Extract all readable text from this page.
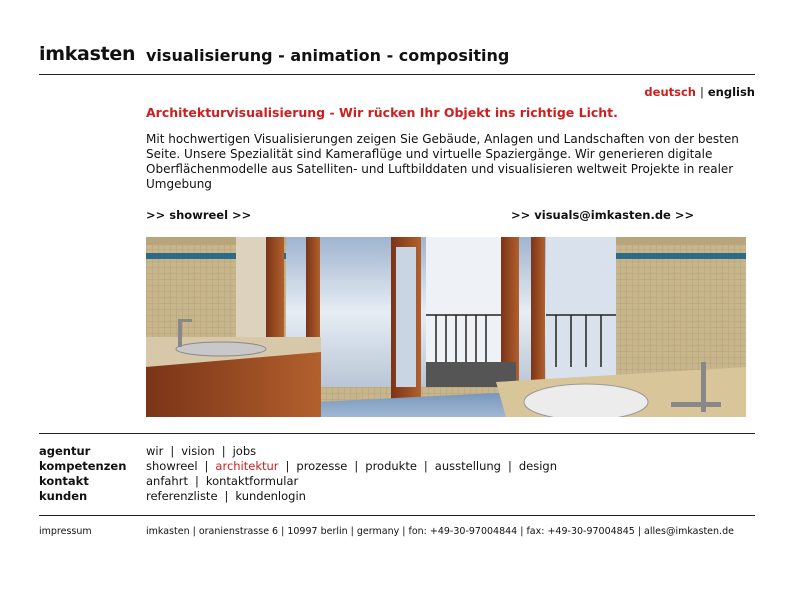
imkasten visualisierung - animation - compositing
deutsch | english
Architekturvisualisierung - Wir rücken Ihr Objekt ins richtige Licht.
Mit hochwertigen Visualisierungen zeigen Sie Gebäude, Anlagen und Landschaften von der besten Seite. Unsere Spezialität sind Kameraflüge und virtuelle Spaziergänge. Wir generieren digitale Oberflächenmodelle aus Satelliten- und Luftbilddaten und visualisieren weltweit Projekte in realer Umgebung
>> showreel >>	>> visuals@imkasten.de >>
agentur	wir | vision | jobs
kompetenzen showreel | architektur | prozesse | produkte | ausstellung | design
kontakt	anfahrt | kontaktformular
kunden	referenzliste | kundenlogin
impressum	imkasten | oranienstrasse 6 | 10997 berlin | germany | fon: +49-30-97004844 | fax: +49-30-97004845 | alles@imkasten.de
